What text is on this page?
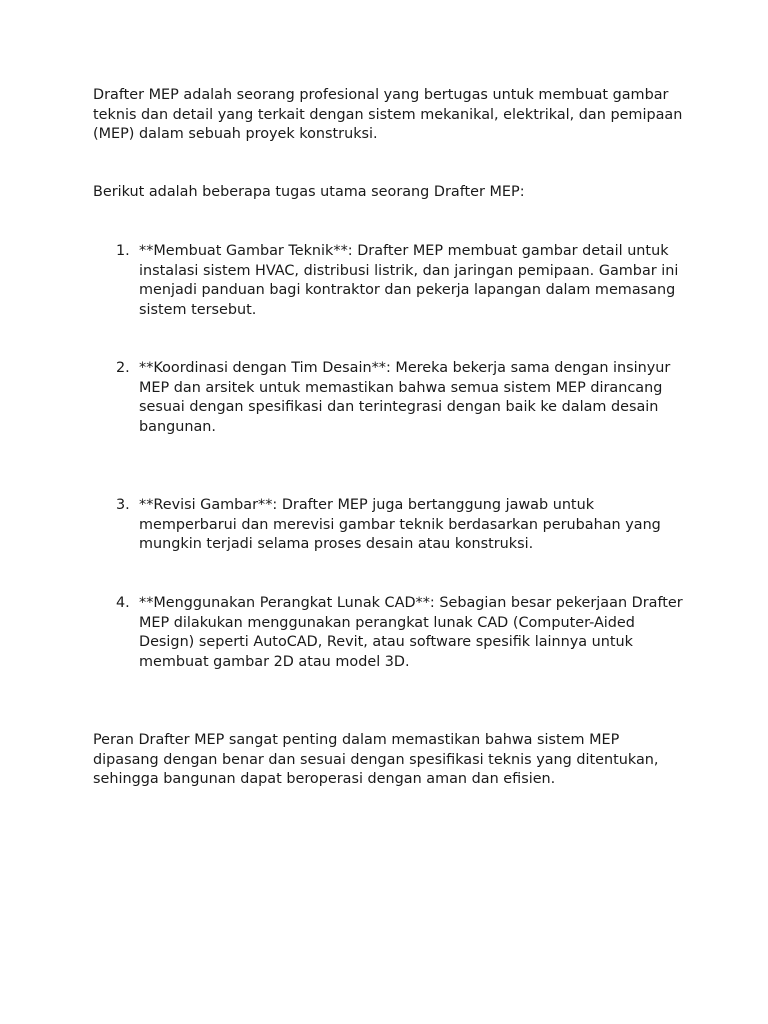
Drafter MEP adalah seorang profesional yang bertugas untuk membuat gambar teknis dan detail yang terkait dengan sistem mekanikal, elektrikal, dan pemipaan (MEP) dalam sebuah proyek konstruksi.

Berikut adalah beberapa tugas utama seorang Drafter MEP:

1. **Membuat Gambar Teknik**: Drafter MEP membuat gambar detail untuk instalasi sistem HVAC, distribusi listrik, dan jaringan pemipaan. Gambar ini menjadi panduan bagi kontraktor dan pekerja lapangan dalam memasang sistem tersebut.
2. **Koordinasi dengan Tim Desain**: Mereka bekerja sama dengan insinyur MEP dan arsitek untuk memastikan bahwa semua sistem MEP dirancang sesuai dengan spesifikasi dan terintegrasi dengan baik ke dalam desain bangunan.
3. **Revisi Gambar**: Drafter MEP juga bertanggung jawab untuk memperbarui dan merevisi gambar teknik berdasarkan perubahan yang mungkin terjadi selama proses desain atau konstruksi.
4. **Menggunakan Perangkat Lunak CAD**: Sebagian besar pekerjaan Drafter MEP dilakukan menggunakan perangkat lunak CAD (Computer-Aided Design) seperti AutoCAD, Revit, atau software spesifik lainnya untuk membuat gambar 2D atau model 3D.

Peran Drafter MEP sangat penting dalam memastikan bahwa sistem MEP dipasang dengan benar dan sesuai dengan spesifikasi teknis yang ditentukan, sehingga bangunan dapat beroperasi dengan aman dan efisien.
